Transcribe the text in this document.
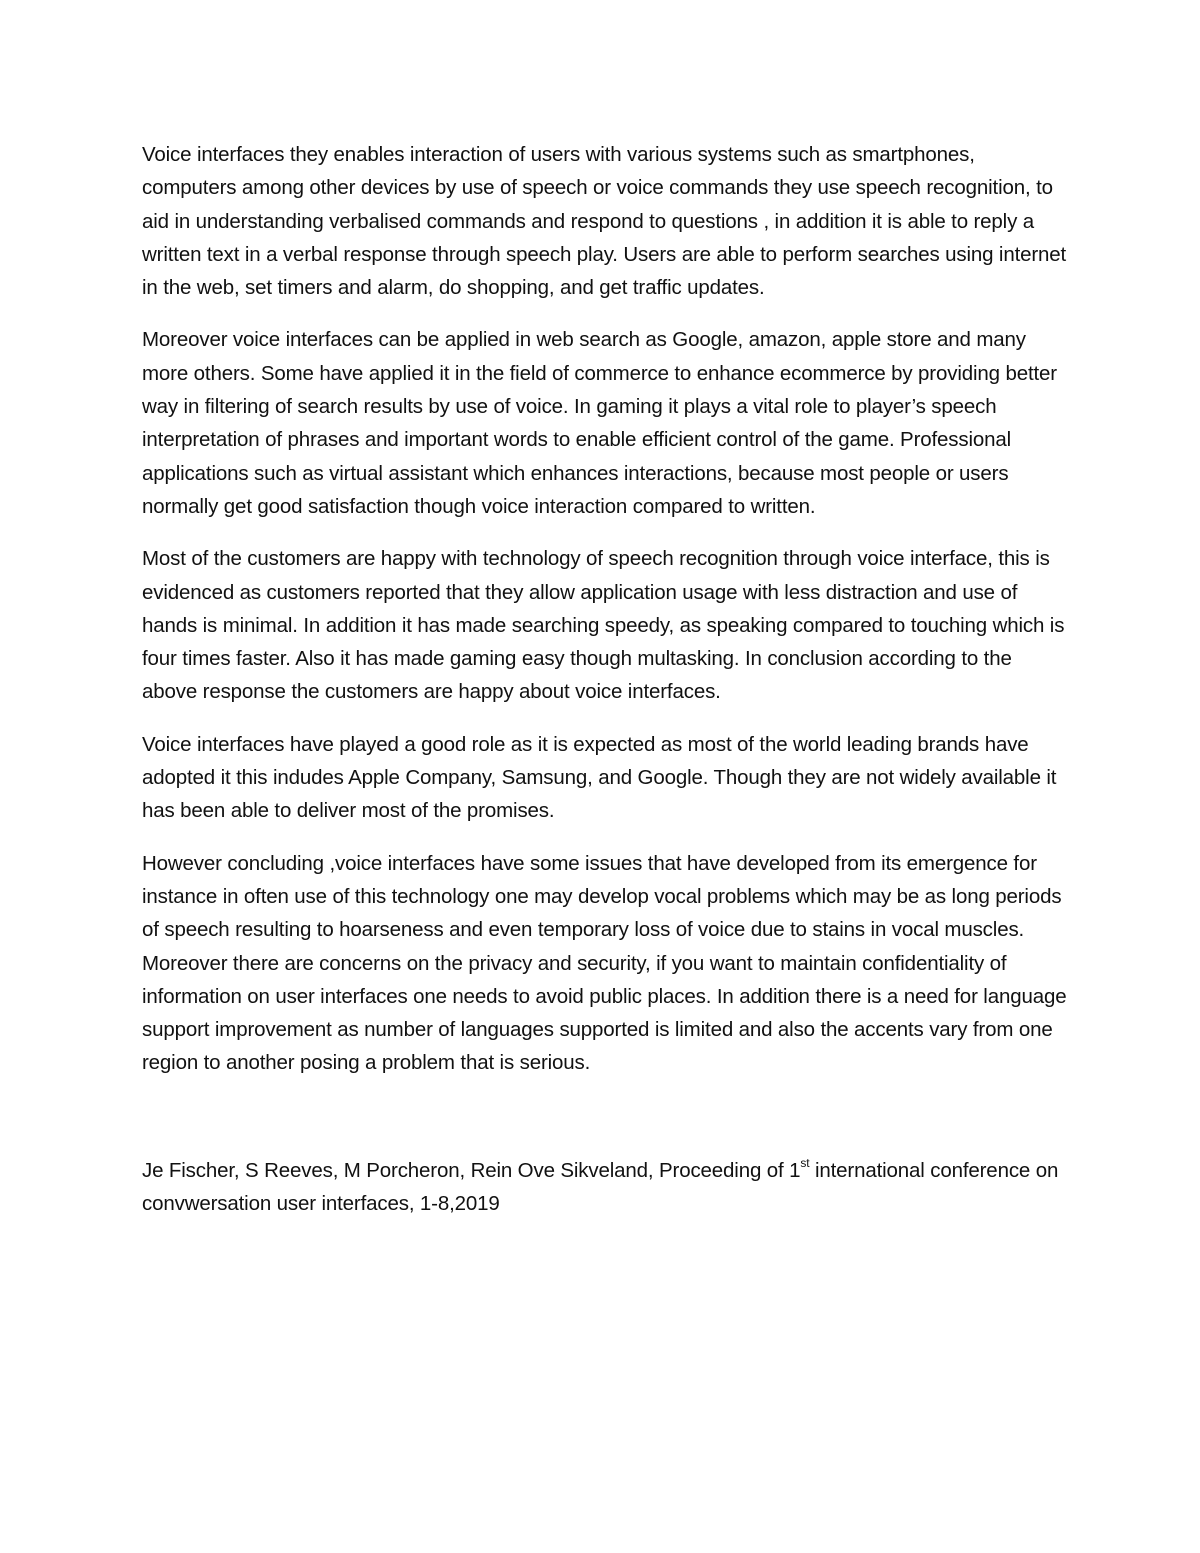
Voice interfaces they enables interaction of users with various systems such as smartphones, computers among other devices by use of speech or voice commands they use speech recognition, to aid in understanding verbalised commands and respond to questions , in addition it is able to reply a written text in a verbal response through speech play. Users are able to perform searches using internet in the web, set timers and alarm, do shopping, and get traffic updates.

Moreover voice interfaces can be applied in web search as Google, amazon, apple store and many more others. Some have applied it in the field of commerce to enhance ecommerce by providing better way in filtering of search results by use of voice. In gaming it plays a vital role to player’s speech interpretation of phrases and important words to enable efficient control of the game. Professional applications such as virtual assistant which enhances interactions, because most people or users normally get good satisfaction though voice interaction compared to written.

Most of the customers are happy with technology of speech recognition through voice interface, this is evidenced as customers reported that they allow application usage with less distraction and use of hands is minimal. In addition it has made searching speedy, as speaking compared to touching which is four times faster. Also it has made gaming easy though multasking. In conclusion according to the above response the customers are happy about voice interfaces.

Voice interfaces have played a good role as it is expected as most of the world leading brands have adopted it this indudes Apple Company, Samsung, and Google. Though they are not widely available it has been able to deliver most of the promises.

However concluding ,voice interfaces have some issues that have developed from its emergence for instance in often use of this technology one may develop vocal problems which may be as long periods of speech resulting to hoarseness and even temporary loss of voice due to stains in vocal muscles. Moreover there are concerns on the privacy and security, if you want to maintain confidentiality of information on user interfaces one needs to avoid public places. In addition there is a need for language support improvement as number of languages supported is limited and also the accents vary from one region to another posing a problem that is serious.

Je Fischer, S Reeves, M Porcheron, Rein Ove Sikveland, Proceeding of 1st international conference on convwersation user interfaces, 1-8,2019
